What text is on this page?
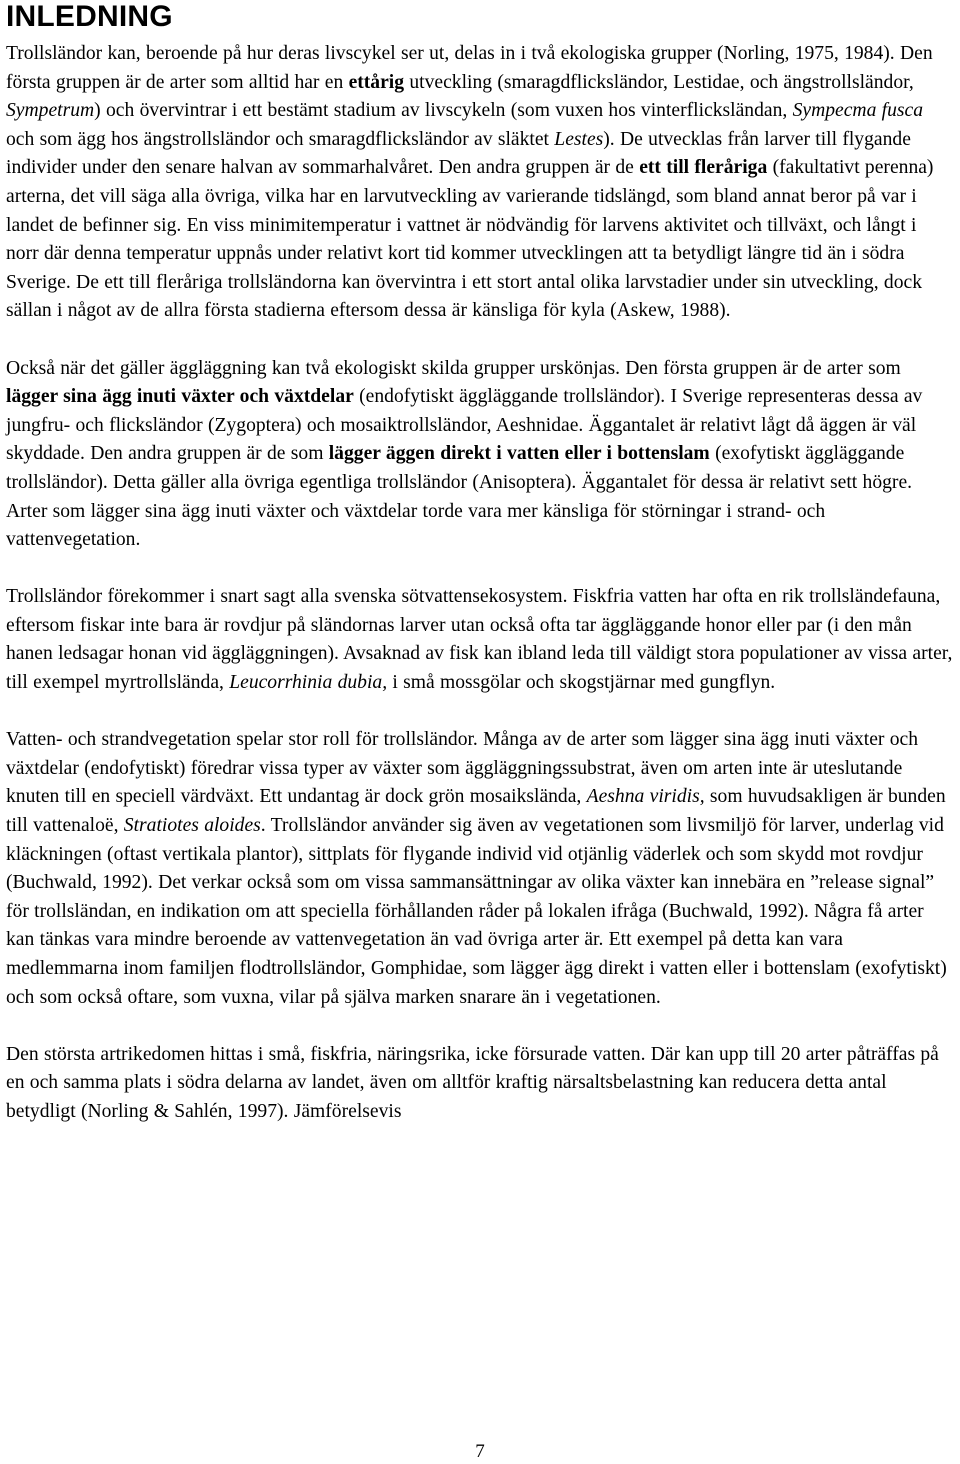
INLEDNING

Trollsländor kan, beroende på hur deras livscykel ser ut, delas in i två ekologiska grupper (Norling, 1975, 1984). Den första gruppen är de arter som alltid har en ettårig utveckling (smaragdflicksländor, Lestidae, och ängstrollsländor, Sympetrum) och övervintrar i ett bestämt stadium av livscykeln (som vuxen hos vinterflicksländan, Sympecma fusca och som ägg hos ängstrollsländor och smaragdflicksländor av släktet Lestes). De utvecklas från larver till flygande individer under den senare halvan av sommarhalvåret. Den andra gruppen är de ett till fleråriga (fakultativt perenna) arterna, det vill säga alla övriga, vilka har en larvutveckling av varierande tidslängd, som bland annat beror på var i landet de befinner sig. En viss minimitemperatur i vattnet är nödvändig för larvens aktivitet och tillväxt, och långt i norr där denna temperatur uppnås under relativt kort tid kommer utvecklingen att ta betydligt längre tid än i södra Sverige. De ett till fleråriga trollsländorna kan övervintra i ett stort antal olika larvstadier under sin utveckling, dock sällan i något av de allra första stadierna eftersom dessa är känsliga för kyla (Askew, 1988).

Också när det gäller äggläggning kan två ekologiskt skilda grupper urskönjas. Den första gruppen är de arter som lägger sina ägg inuti växter och växtdelar (endofytiskt äggläggande trollsländor). I Sverige representeras dessa av jungfru- och flicksländor (Zygoptera) och mosaiktrollsländor, Aeshnidae. Äggantalet är relativt lågt då äggen är väl skyddade. Den andra gruppen är de som lägger äggen direkt i vatten eller i bottenslam (exofytiskt äggläggande trollsländor). Detta gäller alla övriga egentliga trollsländor (Anisoptera). Äggantalet för dessa är relativt sett högre. Arter som lägger sina ägg inuti växter och växtdelar torde vara mer känsliga för störningar i strand- och vattenvegetation.

Trollsländor förekommer i snart sagt alla svenska sötvattensekosystem. Fiskfria vatten har ofta en rik trollsländefauna, eftersom fiskar inte bara är rovdjur på sländornas larver utan också ofta tar äggläggande honor eller par (i den mån hanen ledsagar honan vid äggläggningen). Avsaknad av fisk kan ibland leda till väldigt stora populationer av vissa arter, till exempel myrtrollslända, Leucorrhinia dubia, i små mossgölar och skogstjärnar med gungflyn.

Vatten- och strandvegetation spelar stor roll för trollsländor. Många av de arter som lägger sina ägg inuti växter och växtdelar (endofytiskt) föredrar vissa typer av växter som äggläggningssubstrat, även om arten inte är uteslutande knuten till en speciell värdväxt. Ett undantag är dock grön mosaikslända, Aeshna viridis, som huvudsakligen är bunden till vattenaloë, Stratiotes aloides. Trollsländor använder sig även av vegetationen som livsmiljö för larver, underlag vid kläckningen (oftast vertikala plantor), sittplats för flygande individ vid otjänlig väderlek och som skydd mot rovdjur (Buchwald, 1992). Det verkar också som om vissa sammansättningar av olika växter kan innebära en ”release signal” för trollsländan, en indikation om att speciella förhållanden råder på lokalen ifråga (Buchwald, 1992). Några få arter kan tänkas vara mindre beroende av vattenvegetation än vad övriga arter är. Ett exempel på detta kan vara medlemmarna inom familjen flodtrollsländor, Gomphidae, som lägger ägg direkt i vatten eller i bottenslam (exofytiskt) och som också oftare, som vuxna, vilar på själva marken snarare än i vegetationen.

Den största artrikedomen hittas i små, fiskfria, näringsrika, icke försurade vatten. Där kan upp till 20 arter påträffas på en och samma plats i södra delarna av landet, även om alltför kraftig närsaltsbelastning kan reducera detta antal betydligt (Norling & Sahlén, 1997). Jämförelsevis

7
